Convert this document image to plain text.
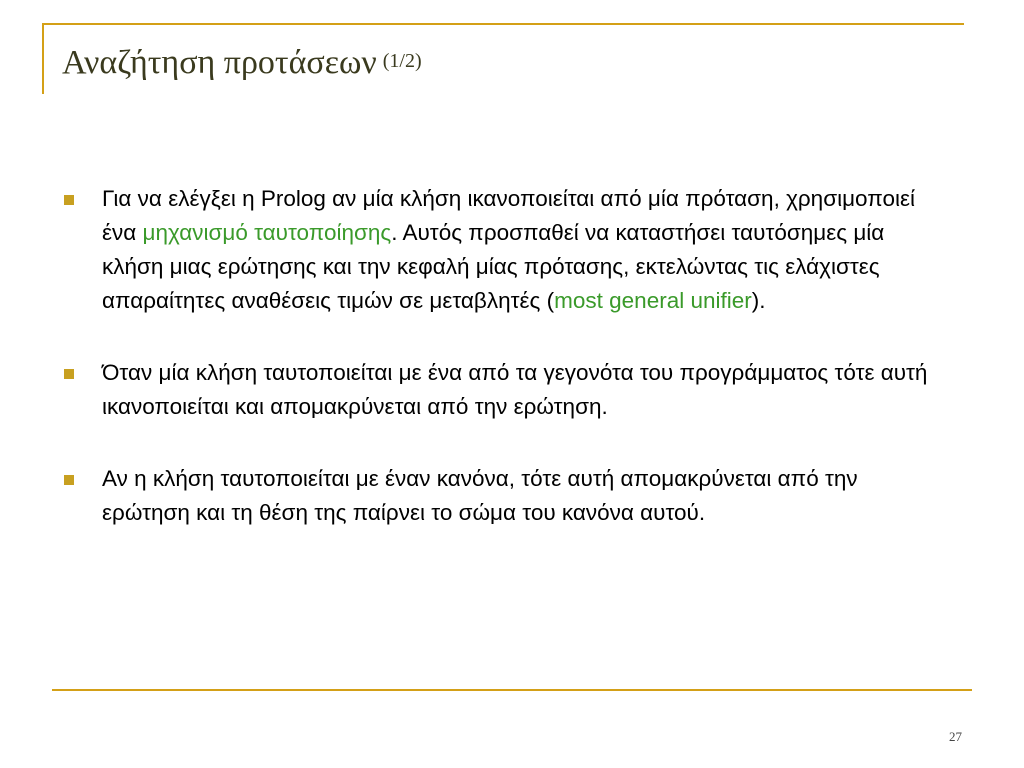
Αναζήτηση προτάσεων $^{(1/2)}$
Για να ελέγξει η Prolog αν μία κλήση ικανοποιείται από μία πρόταση, χρησιμοποιεί ένα μηχανισμό ταυτοποίησης. Αυτός προσπαθεί να καταστήσει ταυτόσημες μία κλήση μιας ερώτησης και την κεφαλή μίας πρότασης, εκτελώντας τις ελάχιστες απαραίτητες αναθέσεις τιμών σε μεταβλητές (most general unifier).
Όταν μία κλήση ταυτοποιείται με ένα από τα γεγονότα του προγράμματος τότε αυτή ικανοποιείται και απομακρύνεται από την ερώτηση.
Αν η κλήση ταυτοποιείται με έναν κανόνα, τότε αυτή απομακρύνεται από την ερώτηση και τη θέση της παίρνει το σώμα του κανόνα αυτού.
27
